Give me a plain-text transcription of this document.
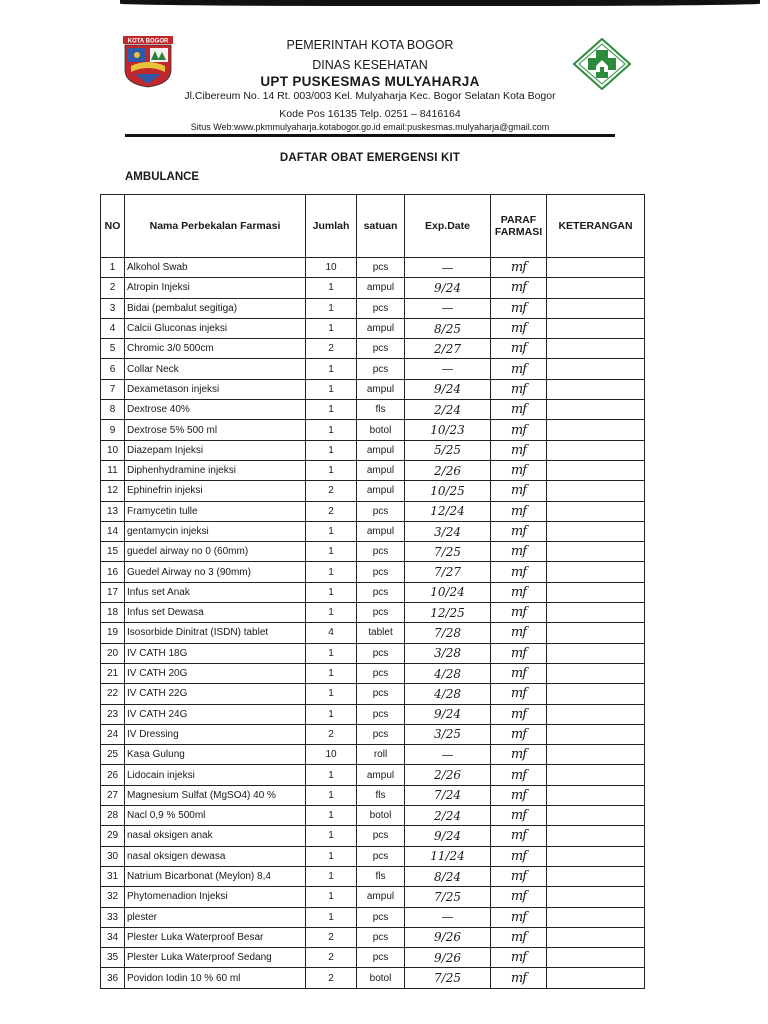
KOTA BOGOR	PEMERINTAH KOTA BOGOR
DINAS KESEHATAN
UPT PUSKESMAS MULYAHARJA
Jl.Cibereum No. 14 Rt. 003/003 Kel. Mulyaharja Kec. Bogor Selatan Kota Bogor
Kode Pos 16135 Telp. 0251 – 8416164
Situs Web:www.pkmmulyaharja.kotabogor.go.id email:puskesmas.mulyaharja@gmail.com
DAFTAR OBAT EMERGENSI KIT
AMBULANCE
NO	Nama Perbekalan Farmasi	Jumlah	satuan	Exp.Date	PARAF FARMASI	KETERANGAN
1	Alkohol Swab	10	pcs	—	mf	
2	Atropin Injeksi	1	ampul	9/24	mf	
3	Bidai (pembalut segitiga)	1	pcs	—	mf	
4	Calcii Gluconas injeksi	1	ampul	8/25	mf	
5	Chromic 3/0 500cm	2	pcs	2/27	mf	
6	Collar Neck	1	pcs	—	mf	
7	Dexametason injeksi	1	ampul	9/24	mf	
8	Dextrose 40%	1	fls	2/24	mf	
9	Dextrose 5% 500 ml	1	botol	10/23	mf	
10	Diazepam Injeksi	1	ampul	5/25	mf	
11	Diphenhydramine injeksi	1	ampul	2/26	mf	
12	Ephinefrin injeksi	2	ampul	10/25	mf	
13	Framycetin tulle	2	pcs	12/24	mf	
14	gentamycin injeksi	1	ampul	3/24	mf	
15	guedel airway no 0 (60mm)	1	pcs	7/25	mf	
16	Guedel Airway no 3 (90mm)	1	pcs	7/27	mf	
17	Infus set Anak	1	pcs	10/24	mf	
18	Infus set Dewasa	1	pcs	12/25	mf	
19	Isosorbide Dinitrat (ISDN) tablet	4	tablet	7/28	mf	
20	IV CATH 18G	1	pcs	3/28	mf	
21	IV CATH 20G	1	pcs	4/28	mf	
22	IV CATH 22G	1	pcs	4/28	mf	
23	IV CATH 24G	1	pcs	9/24	mf	
24	IV Dressing	2	pcs	3/25	mf	
25	Kasa Gulung	10	roll	—	mf	
26	Lidocain injeksi	1	ampul	2/26	mf	
27	Magnesium Sulfat (MgSO4) 40 %	1	fls	7/24	mf	
28	Nacl 0,9 % 500ml	1	botol	2/24	mf	
29	nasal oksigen anak	1	pcs	9/24	mf	
30	nasal oksigen dewasa	1	pcs	11/24	mf	
31	Natrium Bicarbonat (Meylon) 8,4	1	fls	8/24	mf	
32	Phytomenadion Injeksi	1	ampul	7/25	mf	
33	plester	1	pcs	—	mf	
34	Plester Luka Waterproof Besar	2	pcs	9/26	mf	
35	Plester Luka Waterproof Sedang	2	pcs	9/26	mf	
36	Povidon Iodin 10 % 60 ml	2	botol	7/25	mf	
